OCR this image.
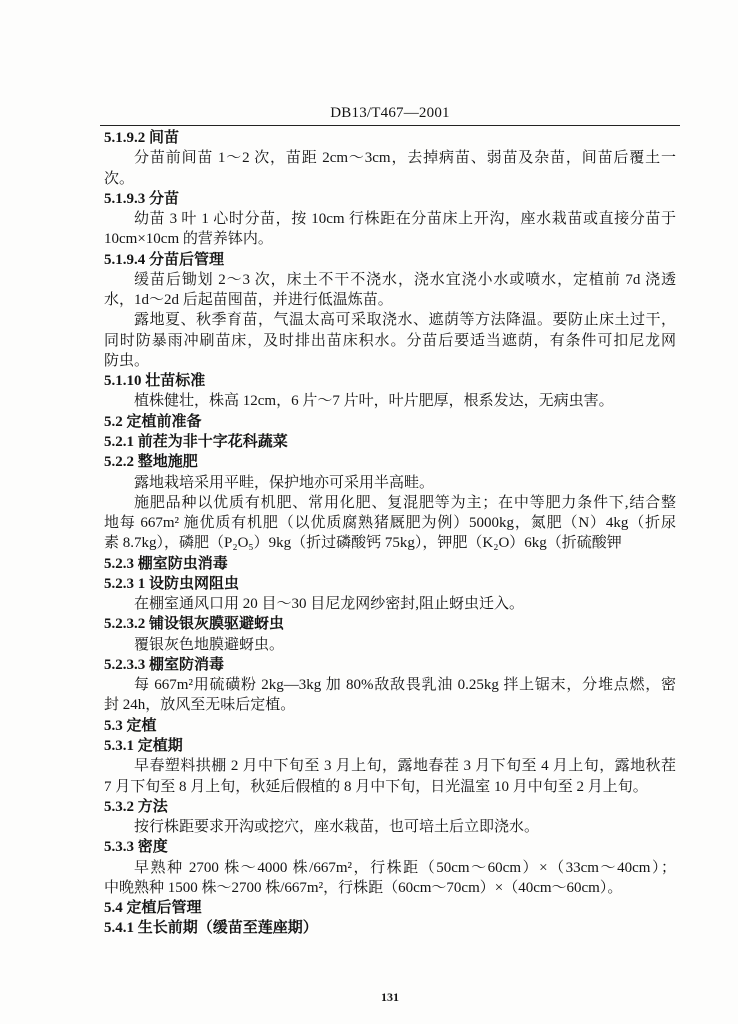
DB13/T467—2001
5.1.9.2 间苗
分苗前间苗 1～2 次，苗距 2cm～3cm，去掉病苗、弱苗及杂苗，间苗后覆土一
次。
5.1.9.3 分苗
幼苗 3 叶 1 心时分苗，按 10cm 行株距在分苗床上开沟，座水栽苗或直接分苗于
10cm×10cm 的营养钵内。
5.1.9.4 分苗后管理
缓苗后锄划 2～3 次，床土不干不浇水，浇水宜浇小水或喷水，定植前 7d 浇透
水，1d～2d 后起苗囤苗，并进行低温炼苗。
露地夏、秋季育苗，气温太高可采取浇水、遮荫等方法降温。要防止床土过干，
同时防暴雨冲刷苗床，及时排出苗床积水。分苗后要适当遮荫，有条件可扣尼龙网
防虫。
5.1.10 壮苗标准
植株健壮，株高 12cm，6 片～7 片叶，叶片肥厚，根系发达，无病虫害。
5.2 定植前准备
5.2.1 前茬为非十字花科蔬菜
5.2.2 整地施肥
露地栽培采用平畦，保护地亦可采用半高畦。
施肥品种以优质有机肥、常用化肥、复混肥等为主；在中等肥力条件下,结合整
地每 667m² 施优质有机肥（以优质腐熟猪厩肥为例）5000kg，氮肥（N）4kg（折尿
素 8.7kg），磷肥（P₂O₅）9kg（折过磷酸钙 75kg），钾肥（K₂O）6kg（折硫酸钾
5.2.3 棚室防虫消毒
5.2.3 1 设防虫网阻虫
在棚室通风口用 20 目～30 目尼龙网纱密封,阻止蚜虫迁入。
5.2.3.2 铺设银灰膜驱避蚜虫
覆银灰色地膜避蚜虫。
5.2.3.3 棚室防消毒
每 667m²用硫磺粉 2kg—3kg 加 80%敌敌畏乳油 0.25kg 拌上锯末，分堆点燃，密
封 24h，放风至无味后定植。
5.3 定植
5.3.1 定植期
早春塑料拱棚 2 月中下旬至 3 月上旬，露地春茬 3 月下旬至 4 月上旬，露地秋茬
7 月下旬至 8 月上旬，秋延后假植的 8 月中下旬，日光温室 10 月中旬至 2 月上旬。
5.3.2 方法
按行株距要求开沟或挖穴，座水栽苗，也可培土后立即浇水。
5.3.3 密度
早熟种 2700 株～4000 株/667m²，行株距（50cm～60cm）×（33cm～40cm）；
中晚熟种 1500 株～2700 株/667m²，行株距（60cm～70cm）×（40cm～60cm）。
5.4 定植后管理
5.4.1 生长前期（缓苗至莲座期）
131
